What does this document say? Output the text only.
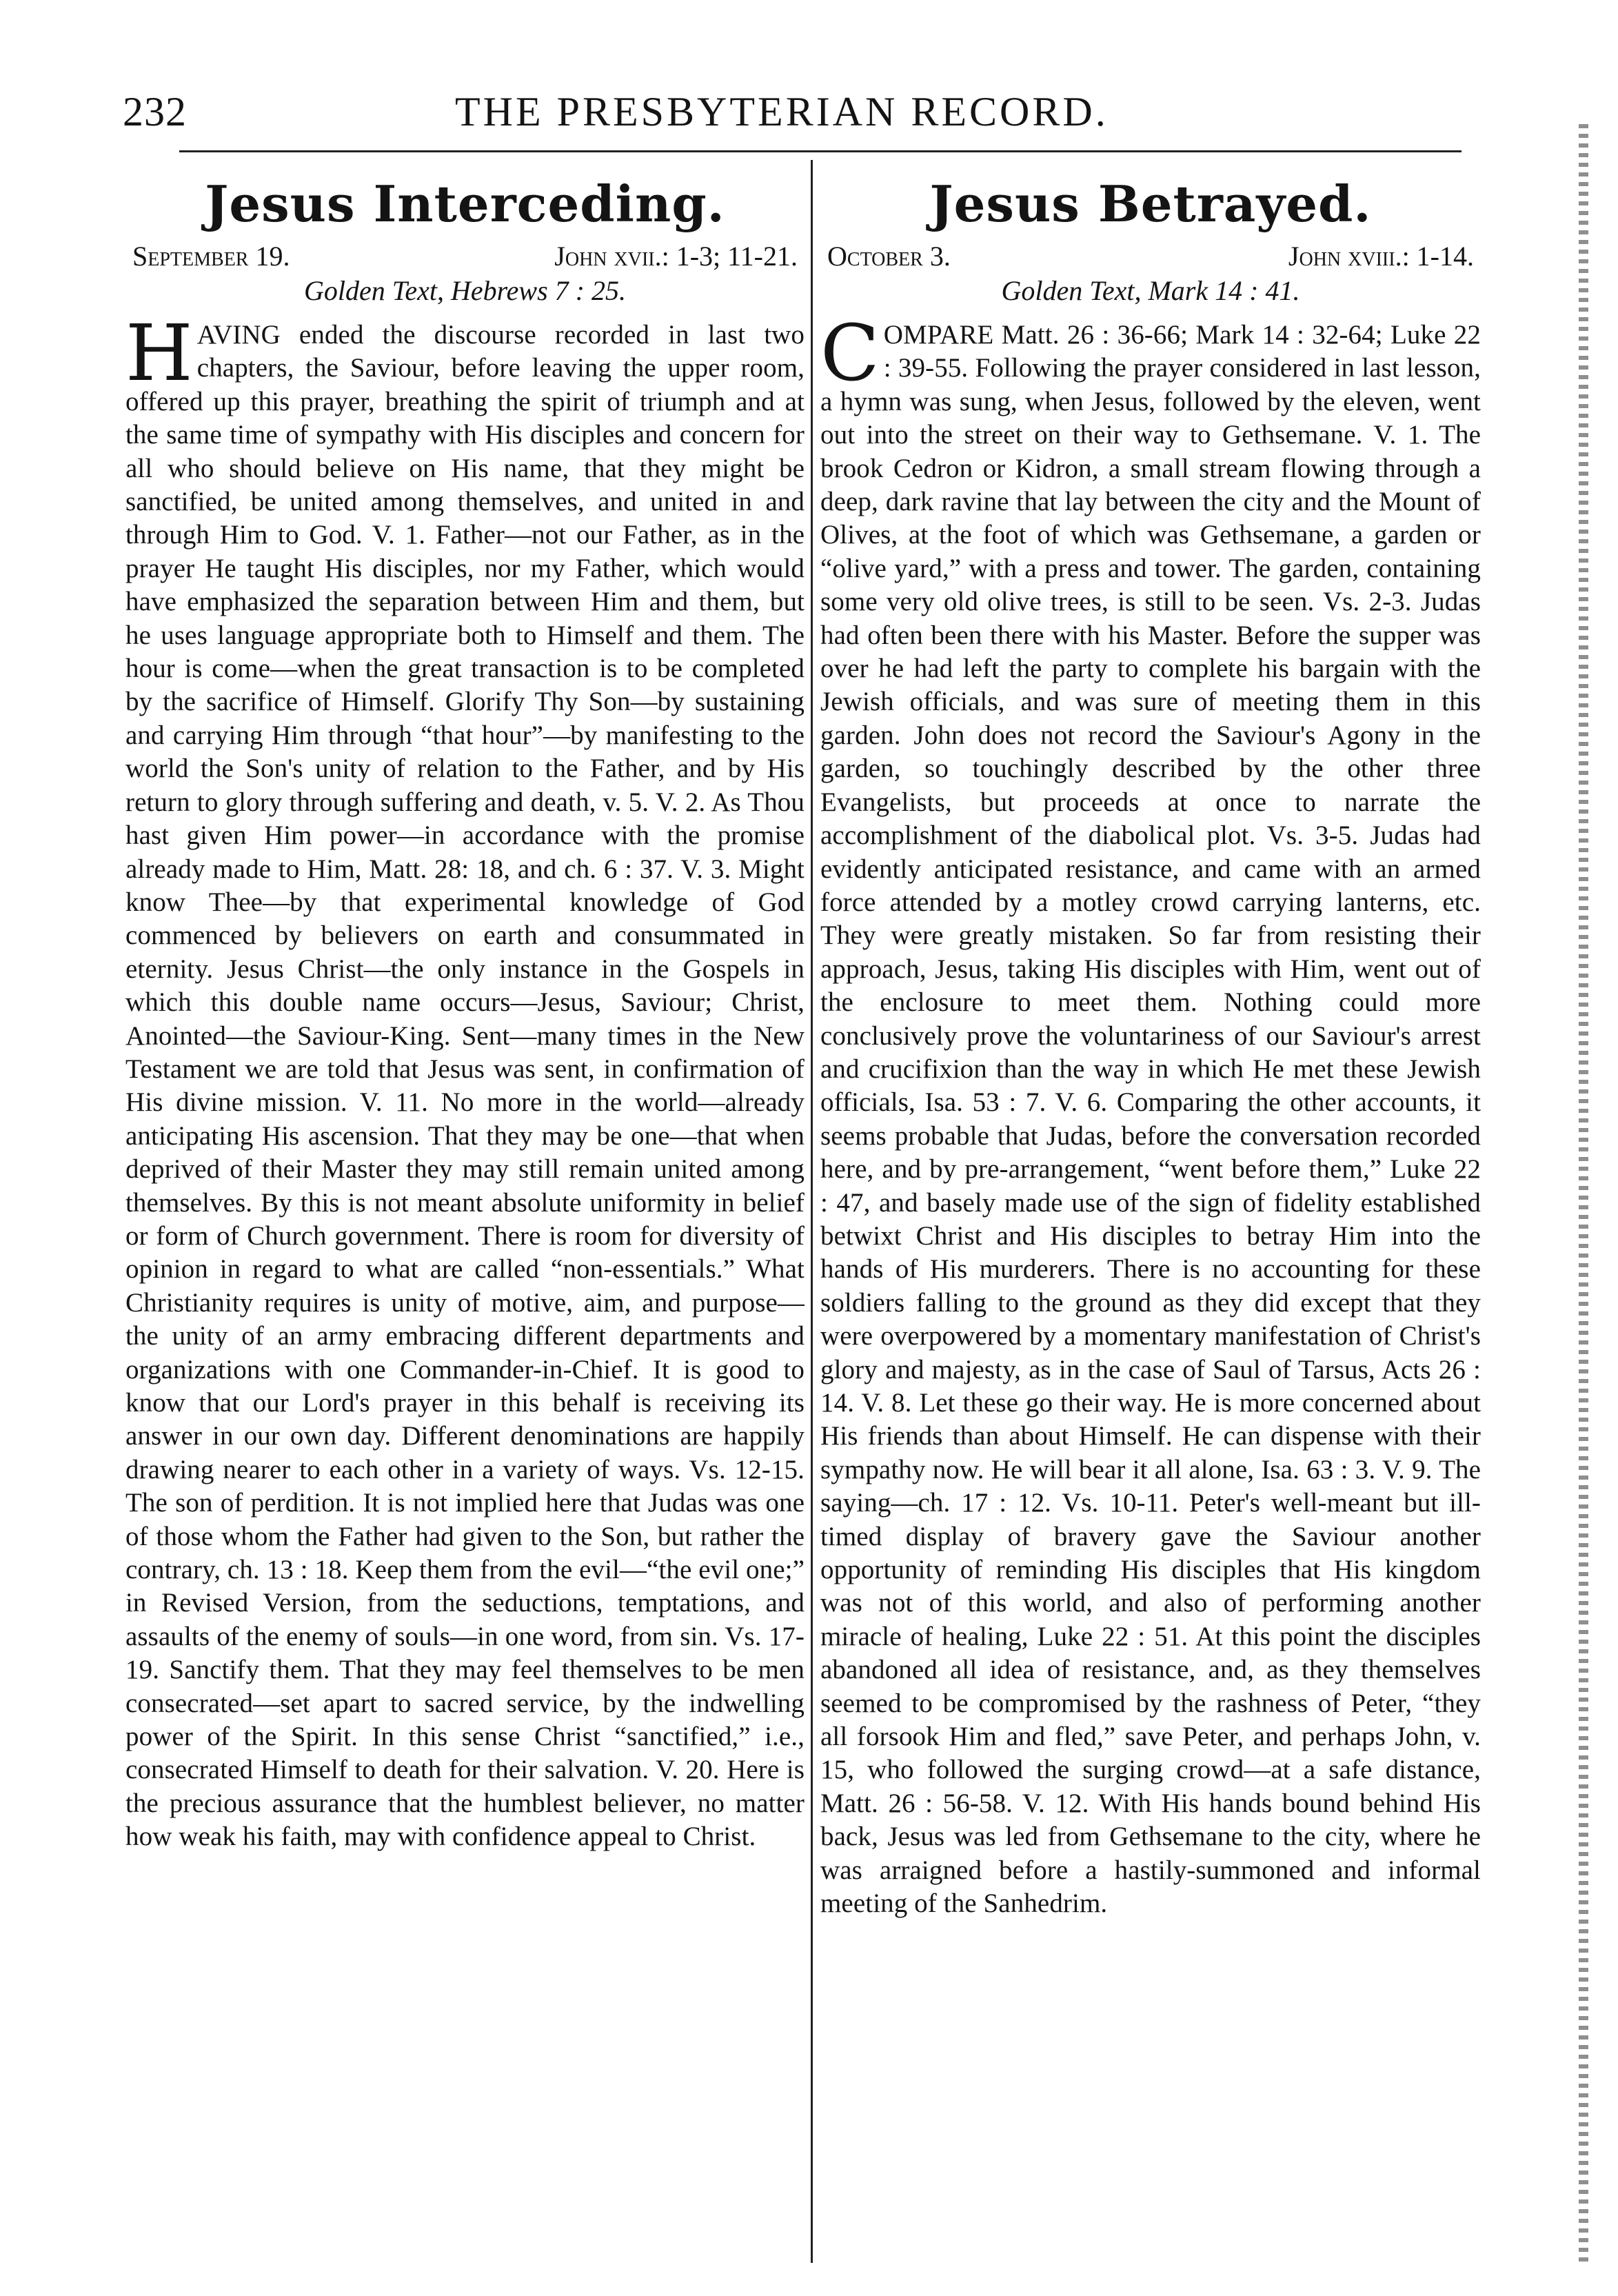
232	THE PRESBYTERIAN RECORD.
Jesus Interceding.
September 19.	John xvii.: 1-3; 11-21.
Golden Text, Hebrews 7 : 25.
H AVING ended the discourse recorded in last two chapters, the Saviour, before leaving the upper room, offered up this prayer, breathing the spirit of triumph and at the same time of sympathy with His disciples and concern for all who should believe on His name, that they might be sanctified, be united among themselves, and united in and through Him to God. V. 1. Father—not our Father, as in the prayer He taught His disciples, nor my Father, which would have emphasized the separation between Him and them, but he uses language appropriate both to Himself and them. The hour is come—when the great transaction is to be completed by the sacrifice of Himself. Glorify Thy Son—by sustaining and carrying Him through “that hour”—by manifesting to the world the Son's unity of relation to the Father, and by His return to glory through suffering and death, v. 5. V. 2. As Thou hast given Him power—in accordance with the promise already made to Him, Matt. 28: 18, and ch. 6 : 37. V. 3. Might know Thee—by that experimental knowledge of God commenced by believers on earth and consummated in eternity. Jesus Christ—the only instance in the Gospels in which this double name occurs—Jesus, Saviour; Christ, Anointed—the Saviour-King. Sent—many times in the New Testament we are told that Jesus was sent, in confirmation of His divine mission. V. 11. No more in the world—already anticipating His ascension. That they may be one—that when deprived of their Master they may still remain united among themselves. By this is not meant absolute uniformity in belief or form of Church government. There is room for diversity of opinion in regard to what are called “non-essentials.” What Christianity requires is unity of motive, aim, and purpose—the unity of an army embracing different departments and organizations with one Commander-in-Chief. It is good to know that our Lord's prayer in this behalf is receiving its answer in our own day. Different denominations are happily drawing nearer to each other in a variety of ways. Vs. 12-15. The son of perdition. It is not implied here that Judas was one of those whom the Father had given to the Son, but rather the contrary, ch. 13 : 18. Keep them from the evil—“the evil one;” in Revised Version, from the seductions, temptations, and assaults of the enemy of souls—in one word, from sin. Vs. 17-19. Sanctify them. That they may feel themselves to be men consecrated—set apart to sacred service, by the indwelling power of the Spirit. In this sense Christ “sanctified,” i.e., consecrated Himself to death for their salvation. V. 20. Here is the precious assurance that the humblest believer, no matter how weak his faith, may with confidence appeal to Christ.
Jesus Betrayed.
October 3.	John xviii.: 1-14.
Golden Text, Mark 14 : 41.
C OMPARE Matt. 26 : 36-66; Mark 14 : 32-64; Luke 22 : 39-55. Following the prayer considered in last lesson, a hymn was sung, when Jesus, followed by the eleven, went out into the street on their way to Gethsemane. V. 1. The brook Cedron or Kidron, a small stream flowing through a deep, dark ravine that lay between the city and the Mount of Olives, at the foot of which was Gethsemane, a garden or “olive yard,” with a press and tower. The garden, containing some very old olive trees, is still to be seen. Vs. 2-3. Judas had often been there with his Master. Before the supper was over he had left the party to complete his bargain with the Jewish officials, and was sure of meeting them in this garden. John does not record the Saviour's Agony in the garden, so touchingly described by the other three Evangelists, but proceeds at once to narrate the accomplishment of the diabolical plot. Vs. 3-5. Judas had evidently anticipated resistance, and came with an armed force attended by a motley crowd carrying lanterns, etc. They were greatly mistaken. So far from resisting their approach, Jesus, taking His disciples with Him, went out of the enclosure to meet them. Nothing could more conclusively prove the voluntariness of our Saviour's arrest and crucifixion than the way in which He met these Jewish officials, Isa. 53 : 7. V. 6. Comparing the other accounts, it seems probable that Judas, before the conversation recorded here, and by pre-arrangement, “went before them,” Luke 22 : 47, and basely made use of the sign of fidelity established betwixt Christ and His disciples to betray Him into the hands of His murderers. There is no accounting for these soldiers falling to the ground as they did except that they were overpowered by a momentary manifestation of Christ's glory and majesty, as in the case of Saul of Tarsus, Acts 26 : 14. V. 8. Let these go their way. He is more concerned about His friends than about Himself. He can dispense with their sympathy now. He will bear it all alone, Isa. 63 : 3. V. 9. The saying—ch. 17 : 12. Vs. 10-11. Peter's well-meant but ill-timed display of bravery gave the Saviour another opportunity of reminding His disciples that His kingdom was not of this world, and also of performing another miracle of healing, Luke 22 : 51. At this point the disciples abandoned all idea of resistance, and, as they themselves seemed to be compromised by the rashness of Peter, “they all forsook Him and fled,” save Peter, and perhaps John, v. 15, who followed the surging crowd—at a safe distance, Matt. 26 : 56-58. V. 12. With His hands bound behind His back, Jesus was led from Gethsemane to the city, where he was arraigned before a hastily-summoned and informal meeting of the Sanhedrim.
